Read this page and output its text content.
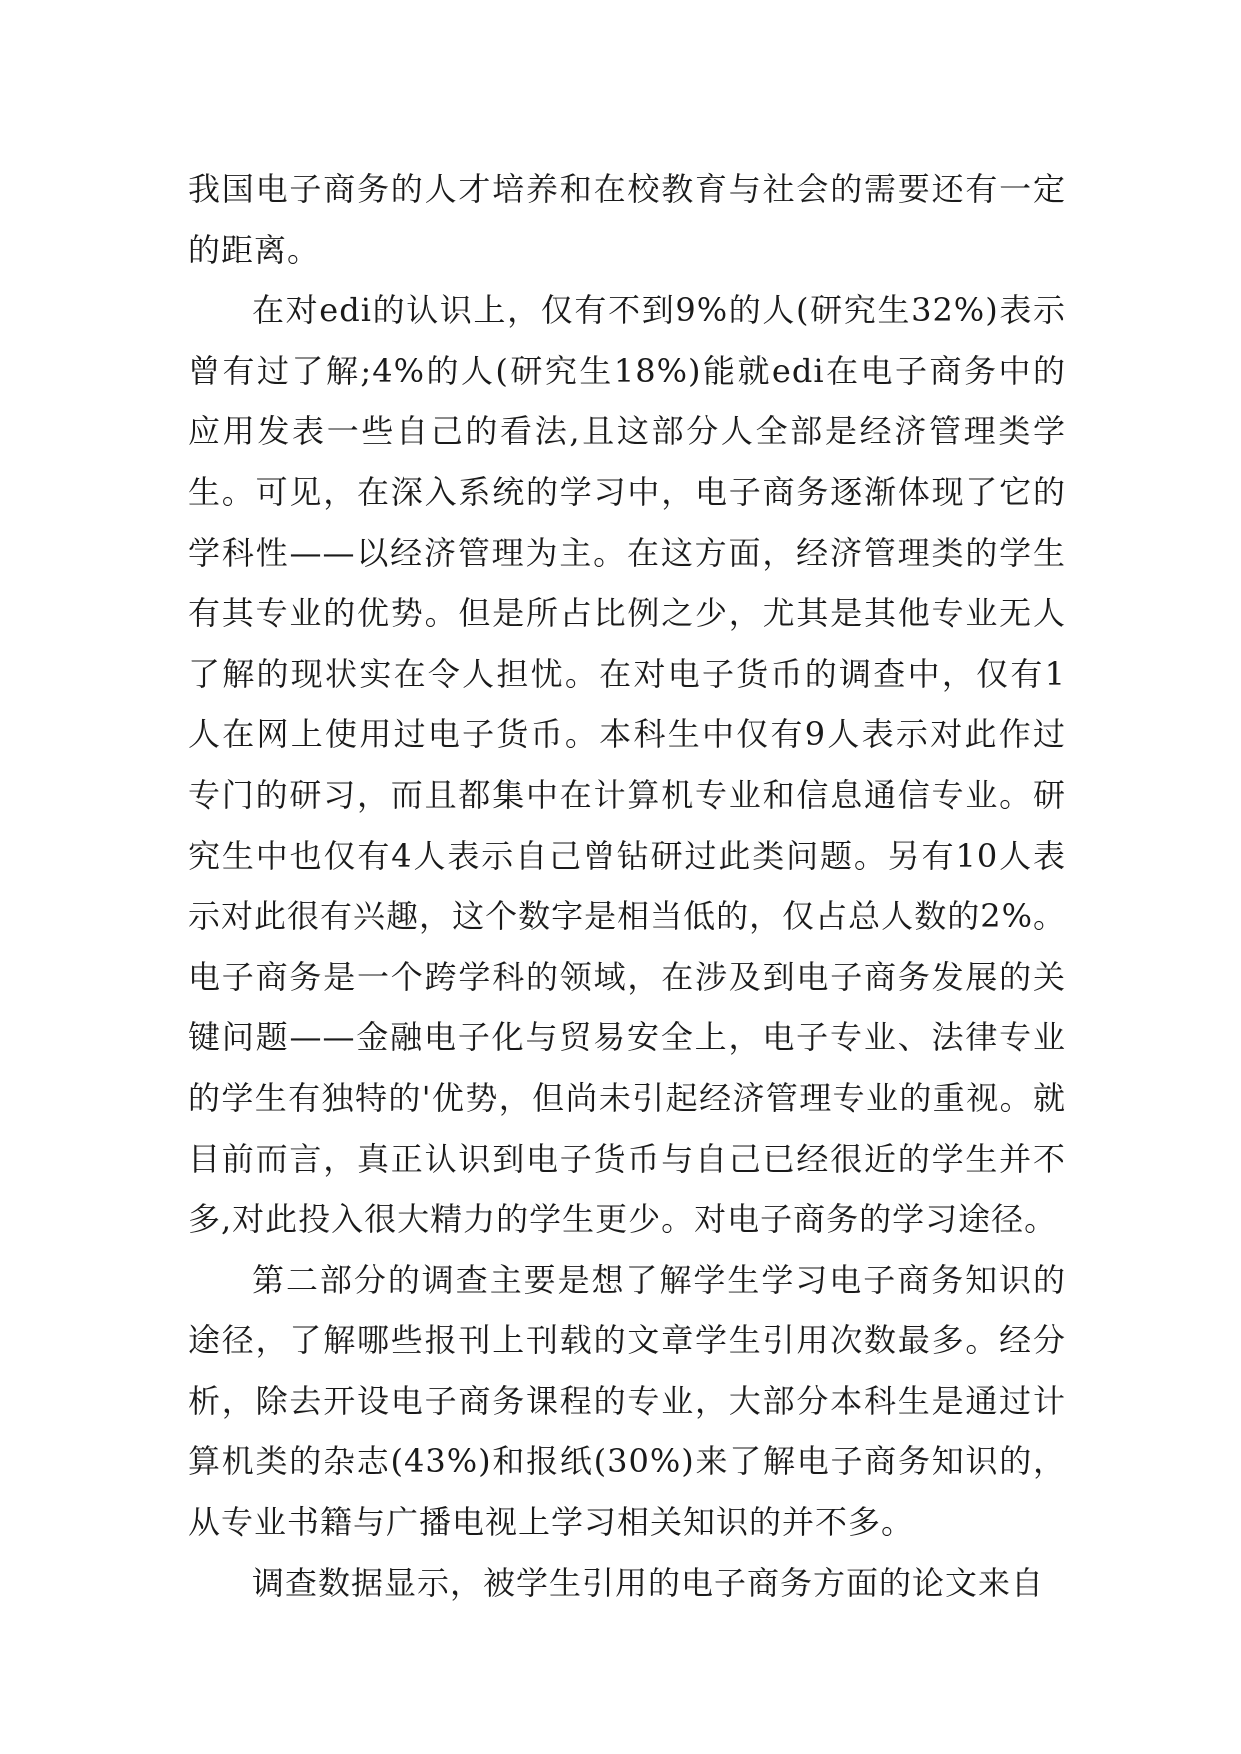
我国电子商务的人才培养和在校教育与社会的需要还有一定的距离。

在对edi的认识上，仅有不到9%的人(研究生32%)表示曾有过了解;4%的人(研究生18%)能就edi在电子商务中的应用发表一些自己的看法,且这部分人全部是经济管理类学生。可见，在深入系统的学习中，电子商务逐渐体现了它的学科性——以经济管理为主。在这方面，经济管理类的学生有其专业的优势。但是所占比例之少，尤其是其他专业无人了解的现状实在令人担忧。在对电子货币的调查中，仅有1人在网上使用过电子货币。本科生中仅有9人表示对此作过专门的研习，而且都集中在计算机专业和信息通信专业。研究生中也仅有4人表示自己曾钻研过此类问题。另有10人表示对此很有兴趣，这个数字是相当低的，仅占总人数的2%。电子商务是一个跨学科的领域，在涉及到电子商务发展的关键问题——金融电子化与贸易安全上，电子专业、法律专业的学生有独特的'优势，但尚未引起经济管理专业的重视。就目前而言，真正认识到电子货币与自己已经很近的学生并不多,对此投入很大精力的学生更少。对电子商务的学习途径。

第二部分的调查主要是想了解学生学习电子商务知识的途径，了解哪些报刊上刊载的文章学生引用次数最多。经分析，除去开设电子商务课程的专业，大部分本科生是通过计算机类的杂志(43%)和报纸(30%)来了解电子商务知识的，从专业书籍与广播电视上学习相关知识的并不多。

调查数据显示，被学生引用的电子商务方面的论文来自
